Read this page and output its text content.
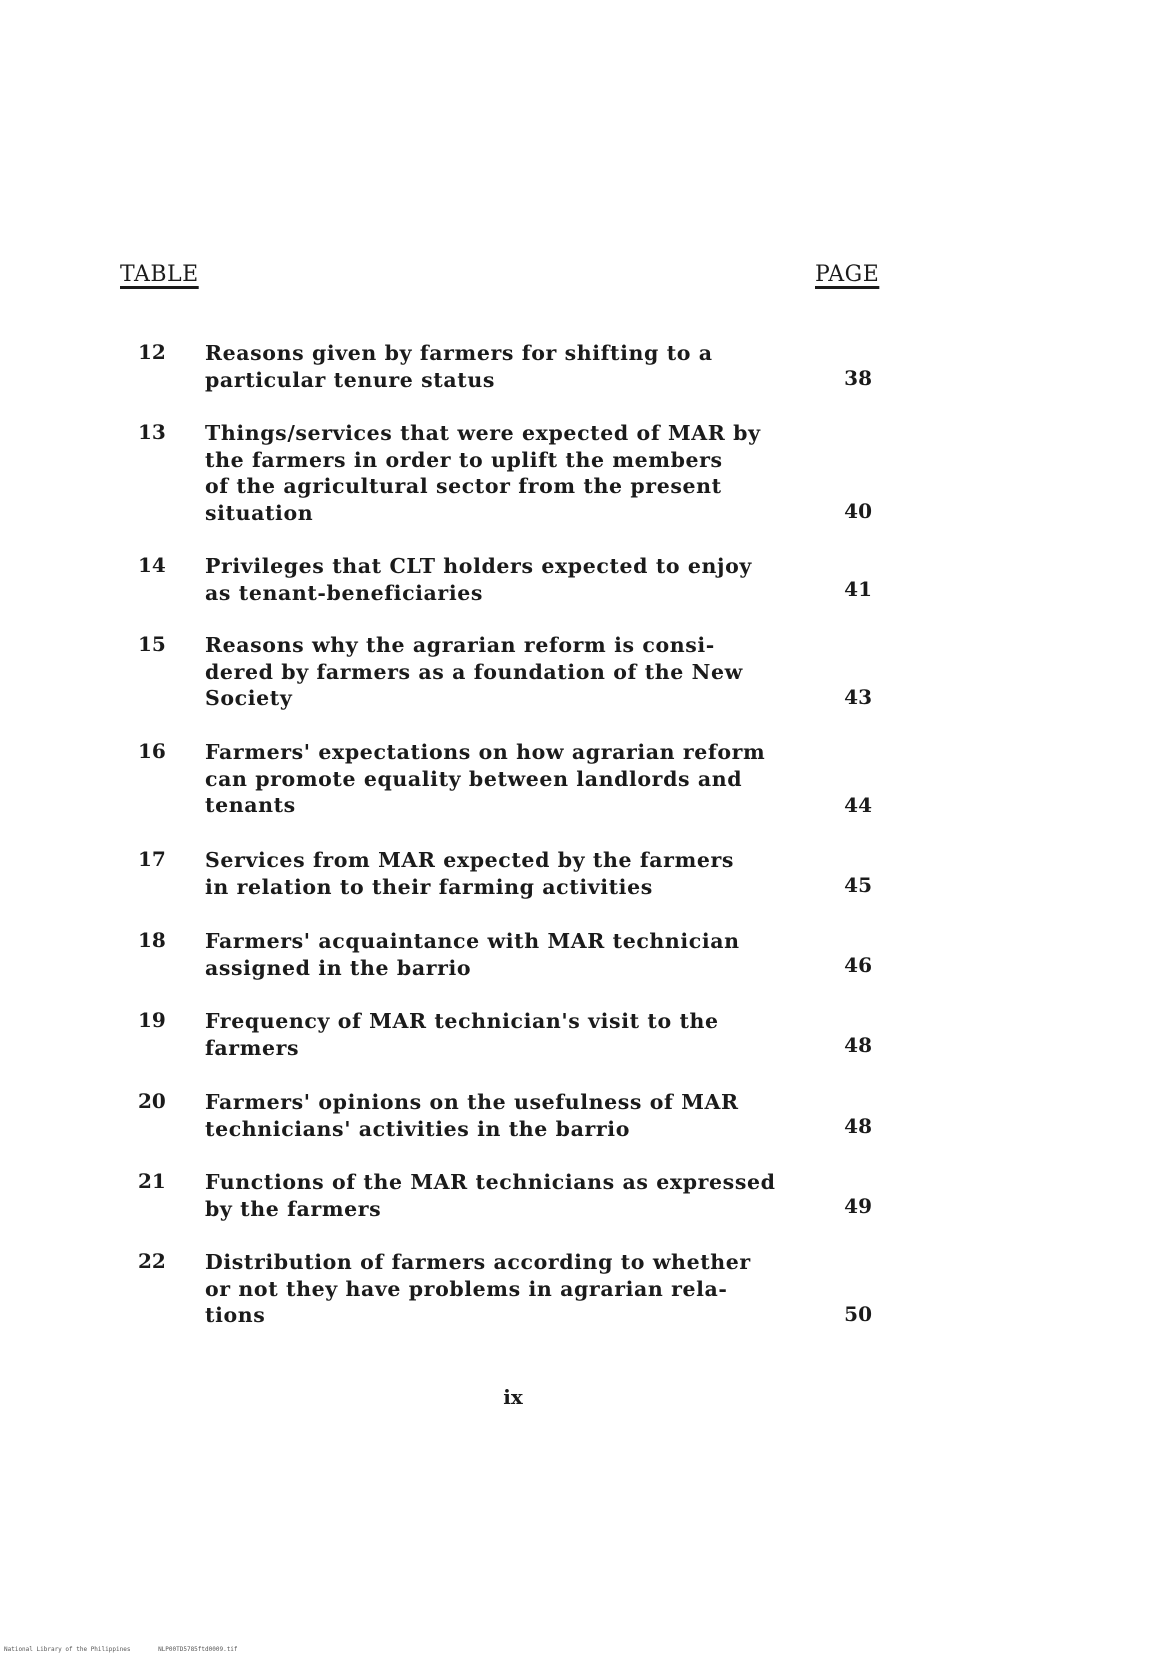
TABLE	PAGE
12 Reasons given by farmers for shifting to a
particular tenure status	38
13 Things/services that were expected of MAR by
the farmers in order to uplift the members
of the agricultural sector from the present
situation	40
14 Privileges that CLT holders expected to enjoy
as tenant-beneficiaries	41
15 Reasons why the agrarian reform is consi-
dered by farmers as a foundation of the New
Society	43
16 Farmers' expectations on how agrarian reform
can promote equality between landlords and
tenants	44
17 Services from MAR expected by the farmers
in relation to their farming activities	45
18 Farmers' acquaintance with MAR technician
assigned in the barrio	46
19 Frequency of MAR technician's visit to the
farmers	48
20 Farmers' opinions on the usefulness of MAR
technicians' activities in the barrio	48
21 Functions of the MAR technicians as expressed
by the farmers	49
22 Distribution of farmers according to whether
or not they have problems in agrarian rela-
tions	50
ix
National Library of the Philippines	NLP00TD5785ftd0009.tif
